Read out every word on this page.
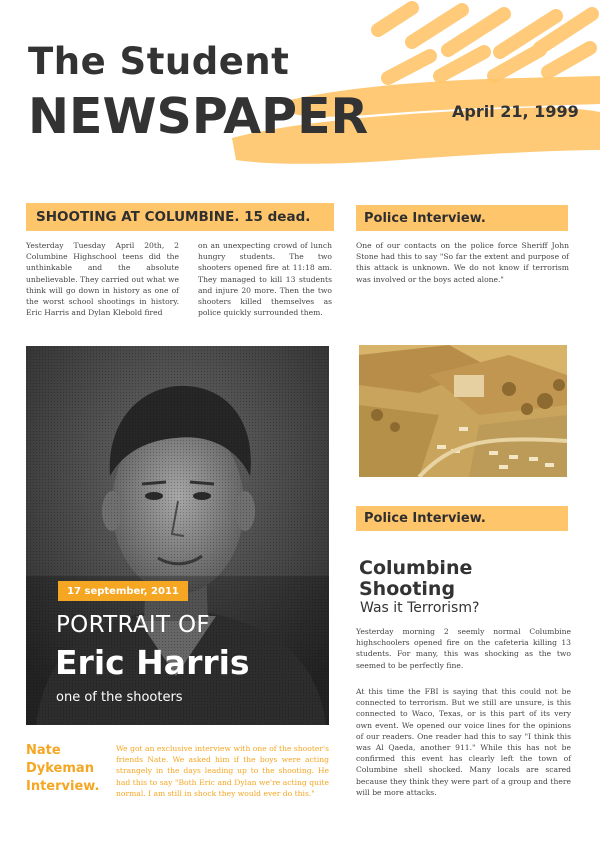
The Student
NEWSPAPER	April 21, 1999
SHOOTING AT COLUMBINE. 15 dead.

Yesterday Tuesday April 20th, 2 Columbine Highschool teens did the unthinkable and the absolute unbelievable. They carried out what we think will go down in history as one of the worst school shootings in history. Eric Harris and Dylan Klebold fired

on an unexpecting crowd of lunch hungry students. The two shooters opened fire at 11:18 am. They managed to kill 13 students and injure 20 more. Then the two shooters killed themselves as police quickly surrounded them.

Police Interview.

One of our contacts on the police force Sheriff John Stone had this to say "So far the extent and purpose of this attack is unknown. We do not know if terrorism was involved or the boys acted alone."

17 september, 2011
PORTRAIT OF
Eric Harris
one of the shooters
Police Interview.
Columbine
Shooting
Was it Terrorism?

Yesterday morning 2 seemly normal Columbine highschoolers opened fire on the cafeteria killing 13 students. For many, this was shocking as the two seemed to be perfectly fine.

At this time the FBI is saying that this could not be connected to terrorism. But we still are unsure, is this connected to Waco, Texas, or is this part of its very own event. We opened our voice lines for the opinions of our readers. One reader had this to say "I think this was Al Qaeda, another 911." While this has not be confirmed this event has clearly left the town of Columbine shell shocked. Many locals are scared because they think they were part of a group and there will be more attacks.

Nate
Dykeman
Interview.

We got an exclusive interview with one of the shooter's friends Nate. We asked him if the boys were acting strangely in the days leading up to the shooting. He had this to say "Both Eric and Dylan we're acting quite normal. I am still in shock they would ever do this."
